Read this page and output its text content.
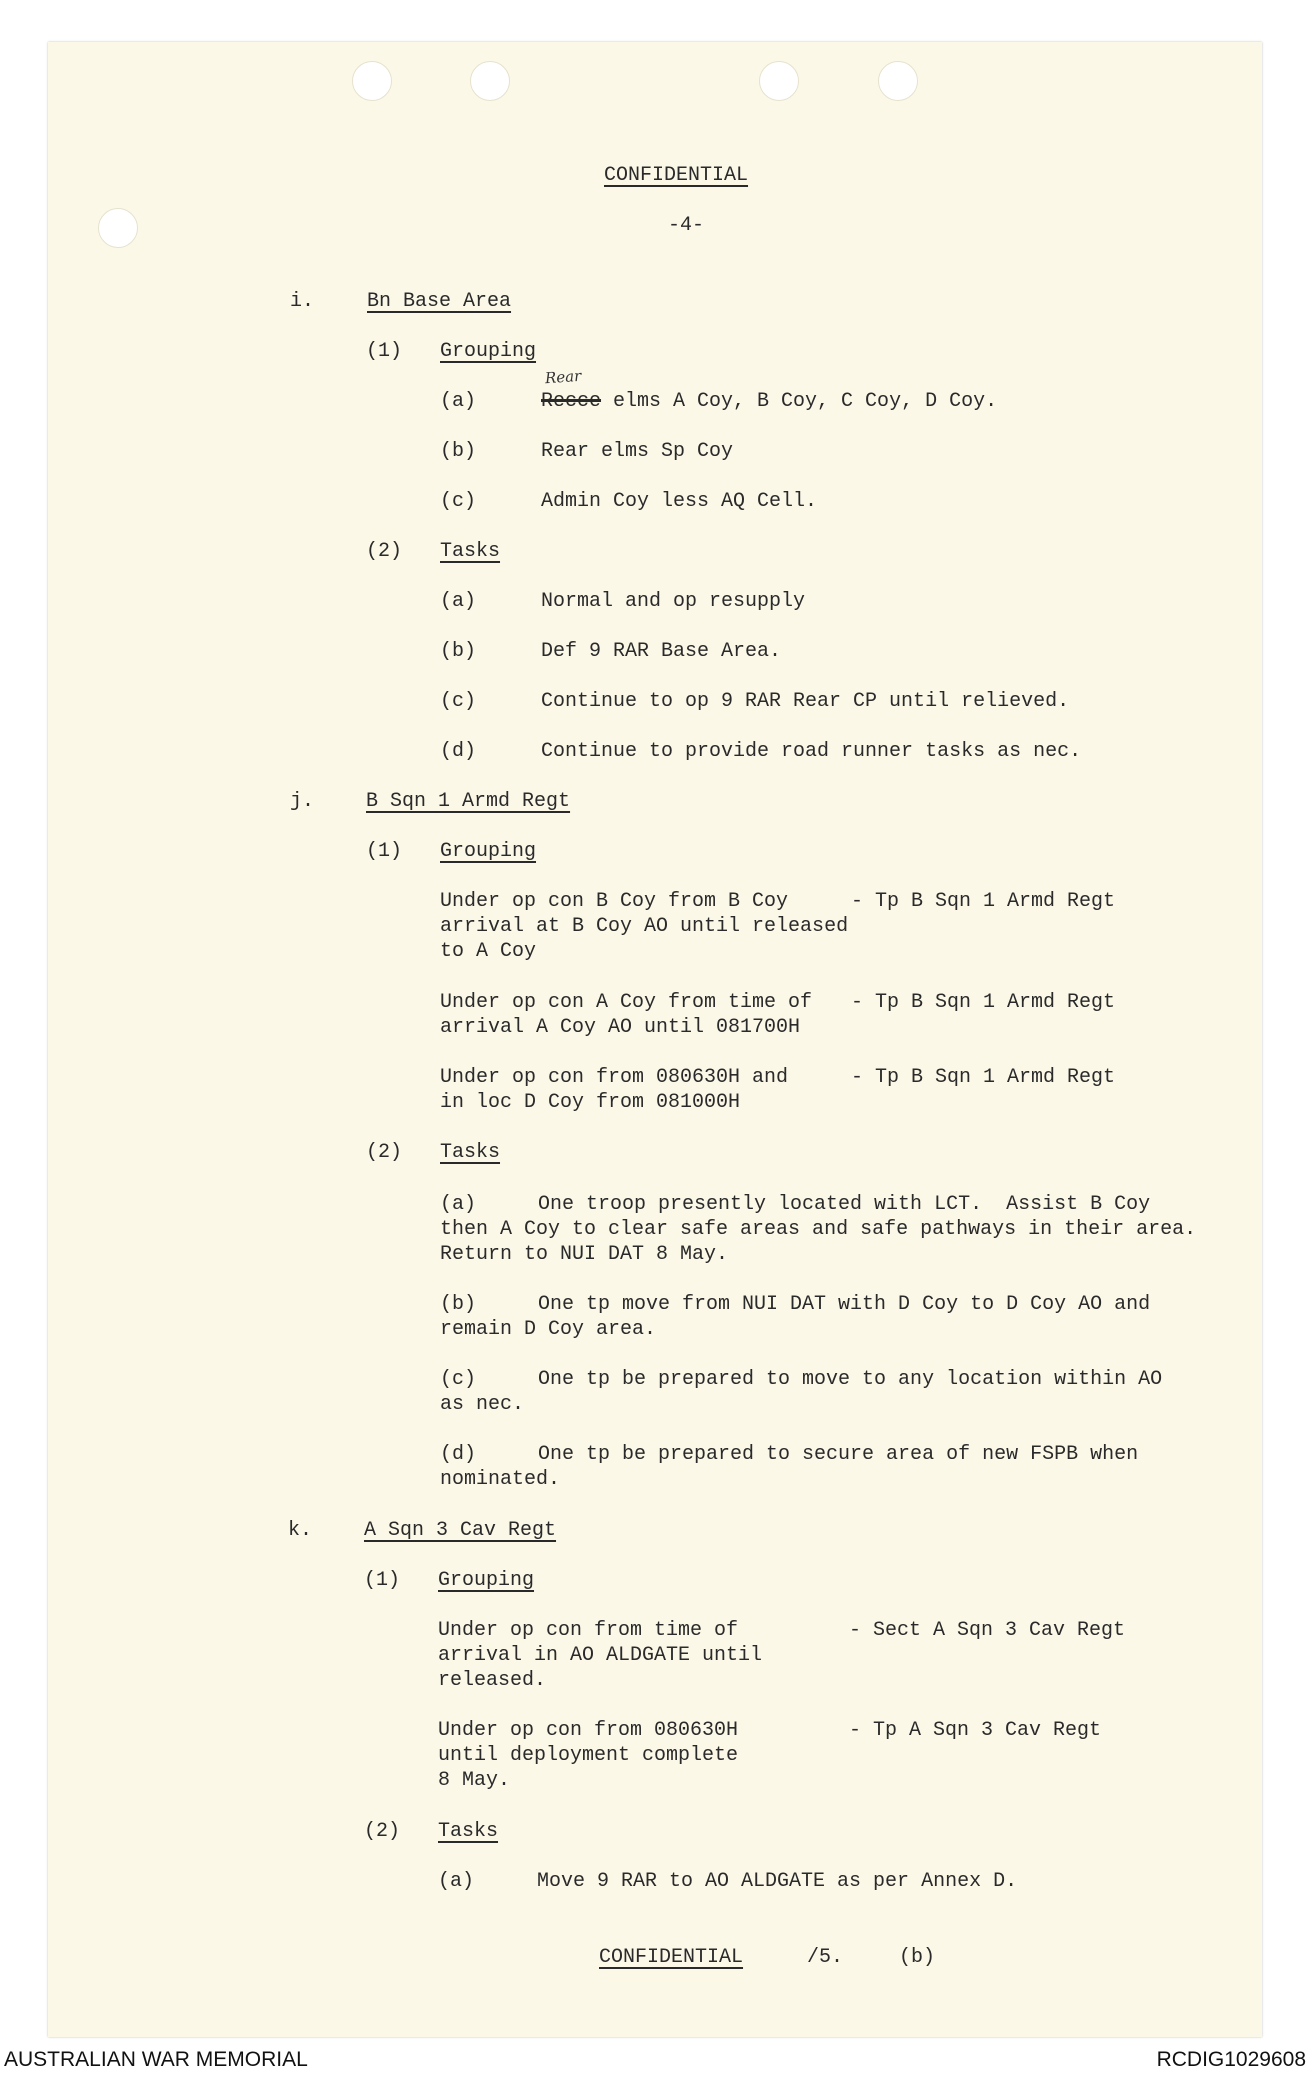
CONFIDENTIAL
-4-
i.	Bn Base Area
(1) Grouping
(a)
Rear
Recce elms A Coy, B Coy, C Coy, D Coy.
(b)	Rear elms Sp Coy
(c)	Admin Coy less AQ Cell.
(2) Tasks
(a)	Normal and op resupply
(b)	Def 9 RAR Base Area.
(c)	Continue to op 9 RAR Rear CP until relieved.
(d)	Continue to provide road runner tasks as nec.
j.	B Sqn 1 Armd Regt
(1) Grouping
Under op con B Coy from B Coy
arrival at B Coy AO until released
to A Coy
- Tp B Sqn 1 Armd Regt
Under op con A Coy from time of
arrival A Coy AO until 081700H
- Tp B Sqn 1 Armd Regt
Under op con from 080630H and
in loc D Coy from 081000H
- Tp B Sqn 1 Armd Regt
(2) Tasks
(a)	One troop presently located with LCT.  Assist B Coy
then A Coy to clear safe areas and safe pathways in their area.
Return to NUI DAT 8 May.
(b)	One tp move from NUI DAT with D Coy to D Coy AO and
remain D Coy area.
(c)	One tp be prepared to move to any location within AO
as nec.
(d)	One tp be prepared to secure area of new FSPB when
nominated.
k.	A Sqn 3 Cav Regt
(1) Grouping
Under op con from time of
arrival in AO ALDGATE until
released.
- Sect A Sqn 3 Cav Regt
Under op con from 080630H
until deployment complete
8 May.
- Tp A Sqn 3 Cav Regt
(2) Tasks
(a)	Move 9 RAR to AO ALDGATE as per Annex D.
CONFIDENTIAL	/5.	(b)
AUSTRALIAN WAR MEMORIAL	RCDIG1029608
